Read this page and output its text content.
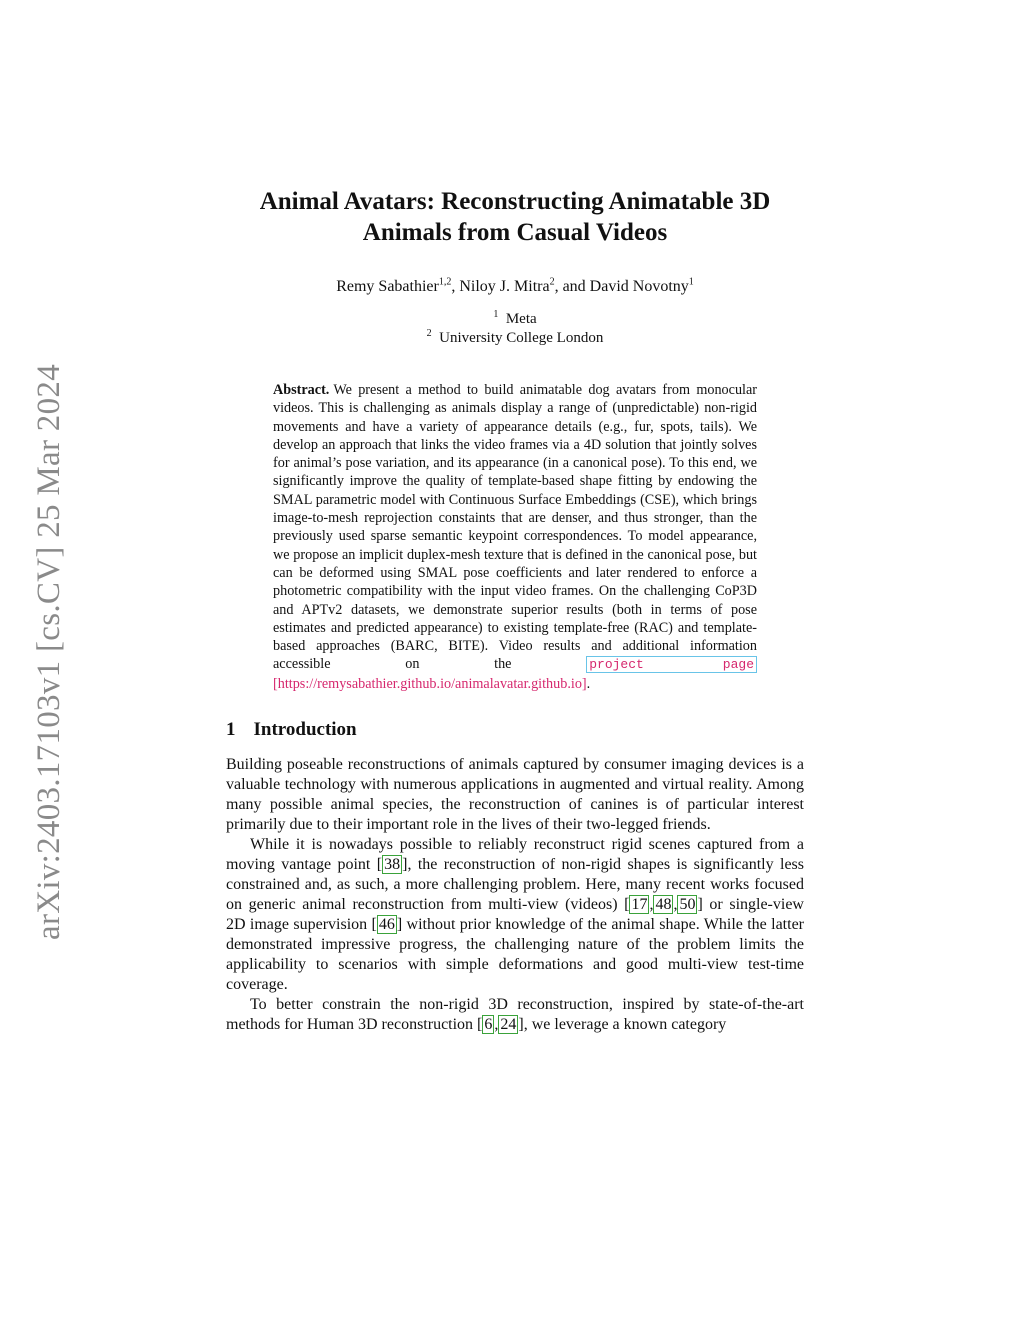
arXiv:2403.17103v1 [cs.CV] 25 Mar 2024
Animal Avatars: Reconstructing Animatable 3D
Animals from Casual Videos
Remy Sabathier$^{1,2}$, Niloy J. Mitra$^2$, and David Novotny$^1$
$^1$ Meta
$^2$ University College London
Abstract. We present a method to build animatable dog avatars from monocular videos. This is challenging as animals display a range of (unpredictable) non-rigid movements and have a variety of appearance details (e.g., fur, spots, tails). We develop an approach that links the video frames via a 4D solution that jointly solves for animal’s pose variation, and its appearance (in a canonical pose). To this end, we significantly improve the quality of template-based shape fitting by endowing the SMAL parametric model with Continuous Surface Embeddings (CSE), which brings image-to-mesh reprojection constaints that are denser, and thus stronger, than the previously used sparse semantic keypoint correspondences. To model appearance, we propose an implicit duplex-mesh texture that is defined in the canonical pose, but can be deformed using SMAL pose coefficients and later rendered to enforce a photometric compatibility with the input video frames. On the challenging CoP3D and APTv2 datasets, we demonstrate superior results (both in terms of pose estimates and predicted appearance) to existing template-free (RAC) and template-based approaches (BARC, BITE). Video results and additional information accessible on the	project page [https://remysabathier.github.io/animalavatar.github.io].
1 Introduction

Building poseable reconstructions of animals captured by consumer imaging devices is a valuable technology with numerous applications in augmented and virtual reality. Among many possible animal species, the reconstruction of canines is of particular interest primarily due to their important role in the lives of their two-legged friends.

While it is nowadays possible to reliably reconstruct rigid scenes captured from a moving vantage point [ 38 ], the reconstruction of non-rigid shapes is significantly less constrained and, as such, a more challenging problem. Here, many recent works focused on generic animal reconstruction from multi-view (videos) [ 17 , 48 , 50 ] or single-view 2D image supervision [ 46 ] without prior knowledge of the animal shape. While the latter demonstrated impressive progress, the challenging nature of the problem limits the applicability to scenarios with simple deformations and good multi-view test-time coverage.

To better constrain the non-rigid 3D reconstruction, inspired by state-of-the-art methods for Human 3D reconstruction [ 6 , 24 ], we leverage a known category
